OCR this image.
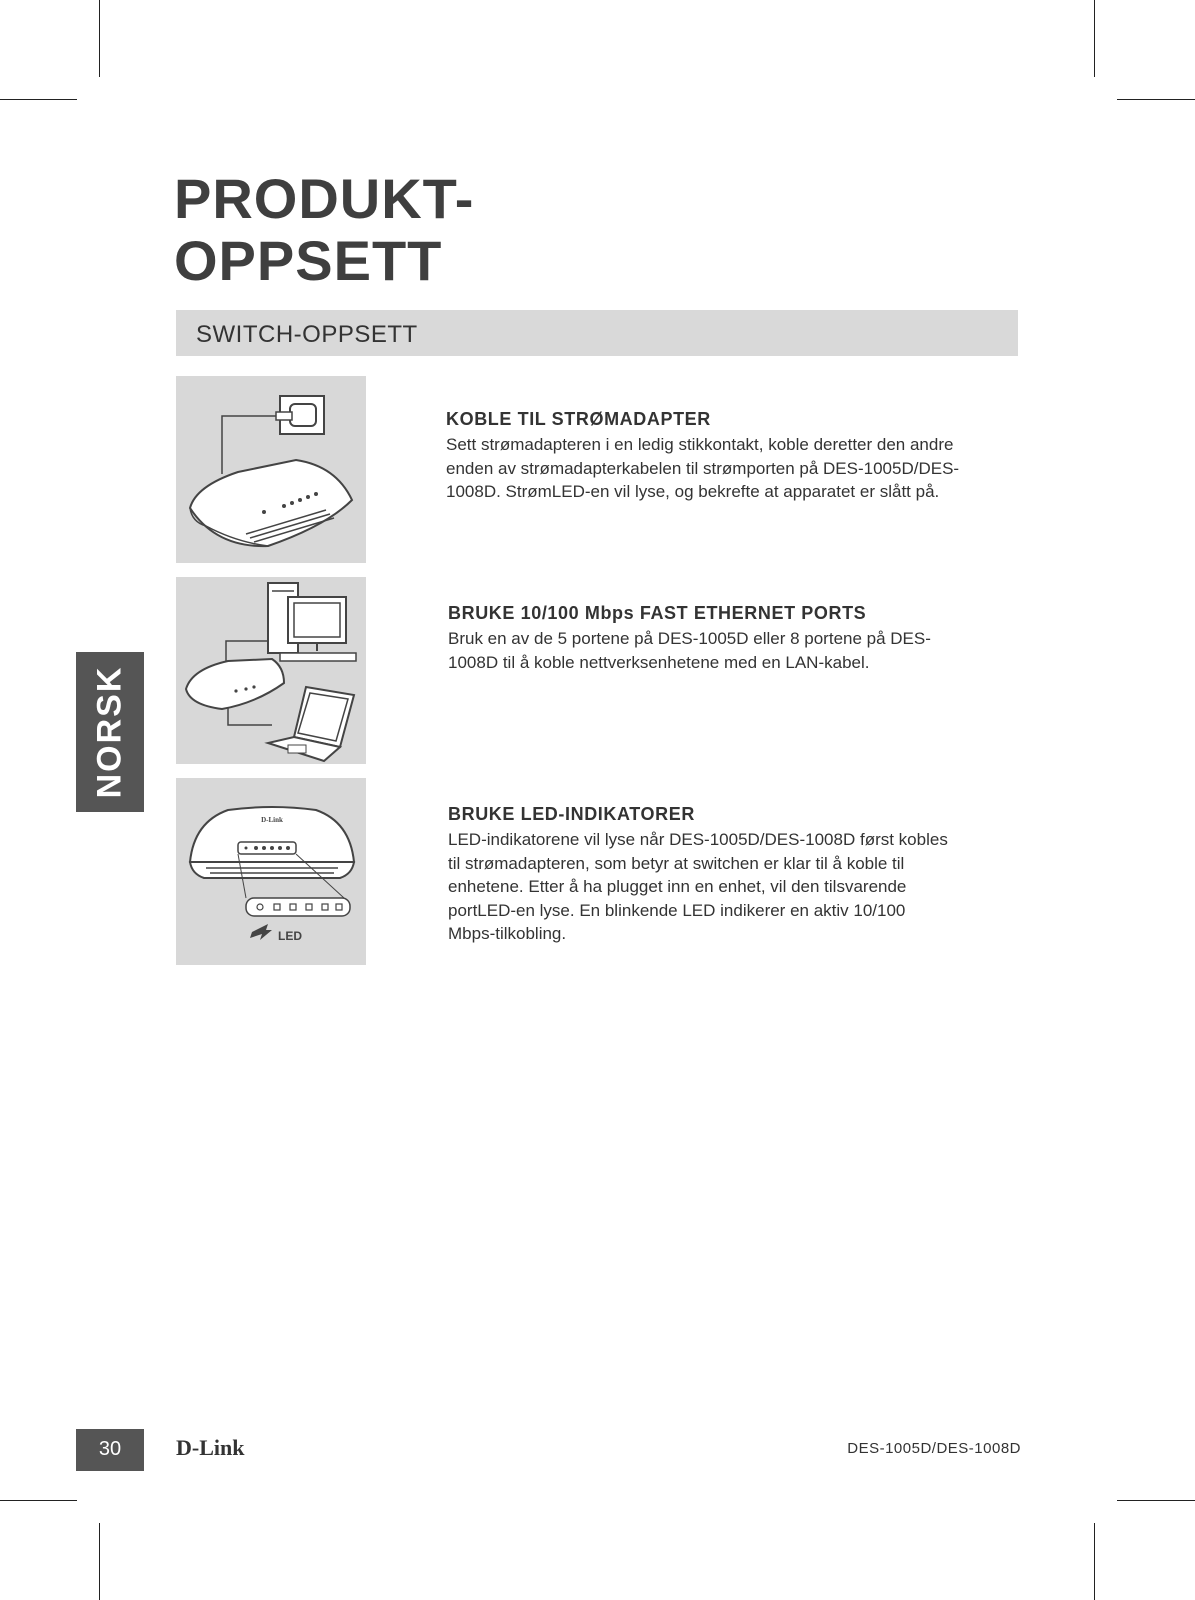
PRODUKT-
OPPSETT
SWITCH-OPPSETT
D-Link
LED
KOBLE TIL STRØMADAPTER

Sett strømadapteren i en ledig stikkontakt, koble deretter den andre enden av strømadapterkabelen til strømporten på DES-1005D/DES-1008D. StrømLED-en vil lyse, og bekrefte at apparatet er slått på.

BRUKE 10/100 Mbps FAST ETHERNET PORTS

Bruk en av de 5 portene på DES-1005D eller 8 portene på DES-1008D til å koble nettverksenhetene med en LAN-kabel.

BRUKE LED-INDIKATORER

LED-indikatorene vil lyse når DES-1005D/DES-1008D først kobles til strømadapteren, som betyr at switchen er klar til å koble til enhetene. Etter å ha plugget inn en enhet, vil den tilsvarende portLED-en lyse. En blinkende LED indikerer en aktiv 10/100 Mbps-tilkobling.

NORSK
30	D-Link	DES-1005D/DES-1008D
